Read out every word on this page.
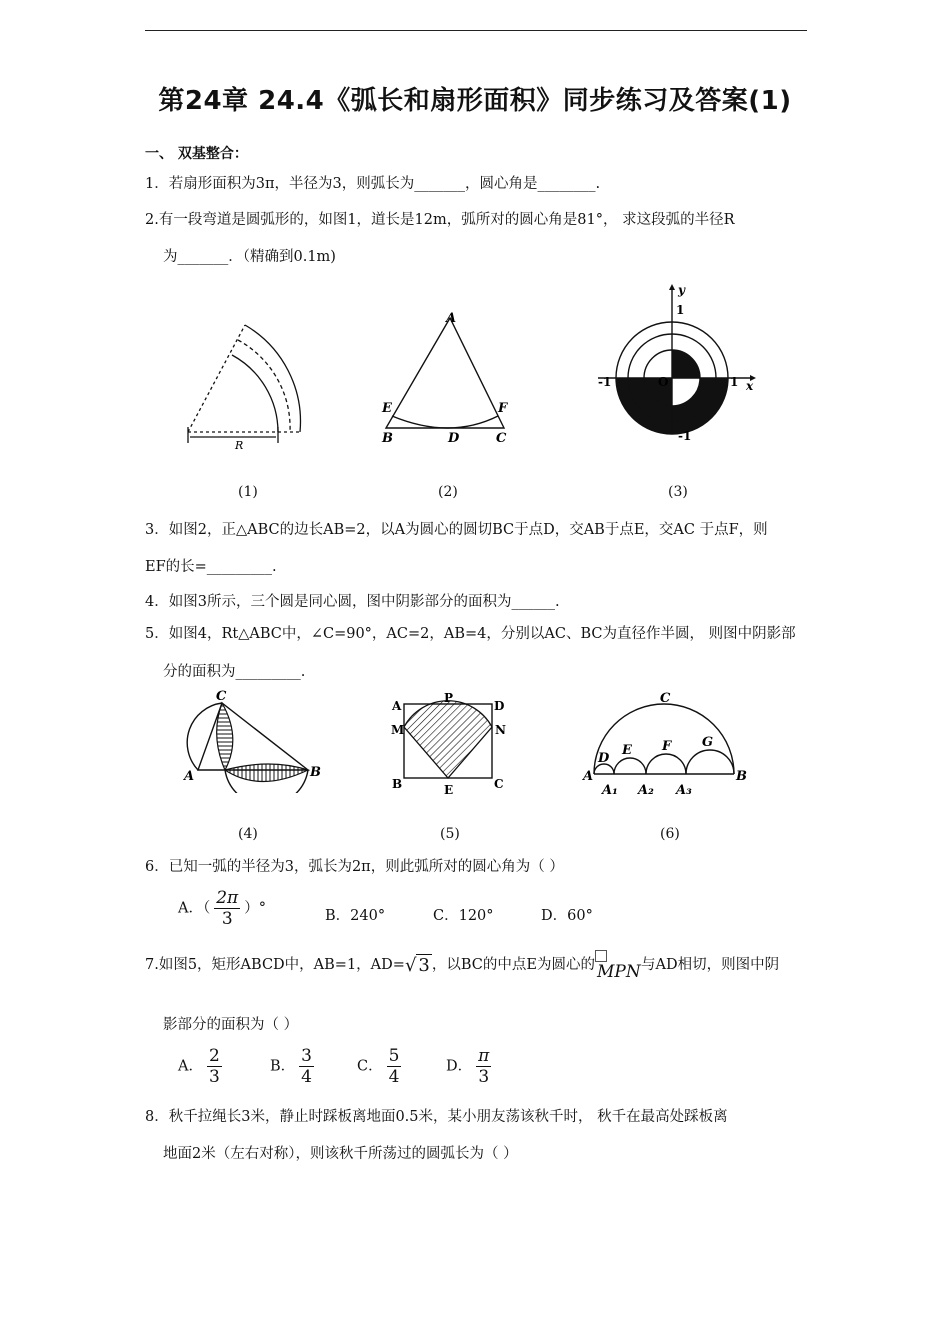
第24章 24.4《弧长和扇形面积》同步练习及答案(1)
一、 双基整合：
1．若扇形面积为3π，半径为3，则弧长为_______，圆心角是________.
2.有一段弯道是圆弧形的，如图1，道长是12m，弧所对的圆心角是81°， 求这段弧的半径R
为_______．（精确到0.1m)
R
(1)
A
E	F
B	D	C
(2)
y
1
-1	O	1 x
-1
(3)
3．如图2，正△ABC的边长AB=2，以A为圆心的圆切BC于点D，交AB于点E，交AC 于点F，则
EF的长=_________.
4．如图3所示，三个圆是同心圆，图中阴影部分的面积为______.
5．如图4，Rt△ABC中，∠C=90°，AC=2，AB=4，分别以AC、BC为直径作半圆， 则图中阴影部
分的面积为_________.
C
A	B
(4)
A
P
D
M	N
B	E	C
(5)
C
D
E F G
A	B
A₁ A₂ A₃
(6)
6．已知一弧的半径为3，弧长为2π，则此弧所对的圆心角为（ ）
A．（ $\frac{2\pi}{3}$ ）°	B．240°	C．120°	D．60°
7.如图5，矩形ABCD中，AB=1，AD=√ 3 ，以BC的中点E为圆心的 MPN 与AD相切，则图中阴
影部分的面积为（ ）
A． $\frac{2}{3}$	B． $\frac{3}{4}$	C． $\frac{5}{4}$	D． $\frac{\pi}{3}$
8．秋千拉绳长3米，静止时踩板离地面0.5米，某小朋友荡该秋千时， 秋千在最高处踩板离
地面2米（左右对称），则该秋千所荡过的圆弧长为（ ）
